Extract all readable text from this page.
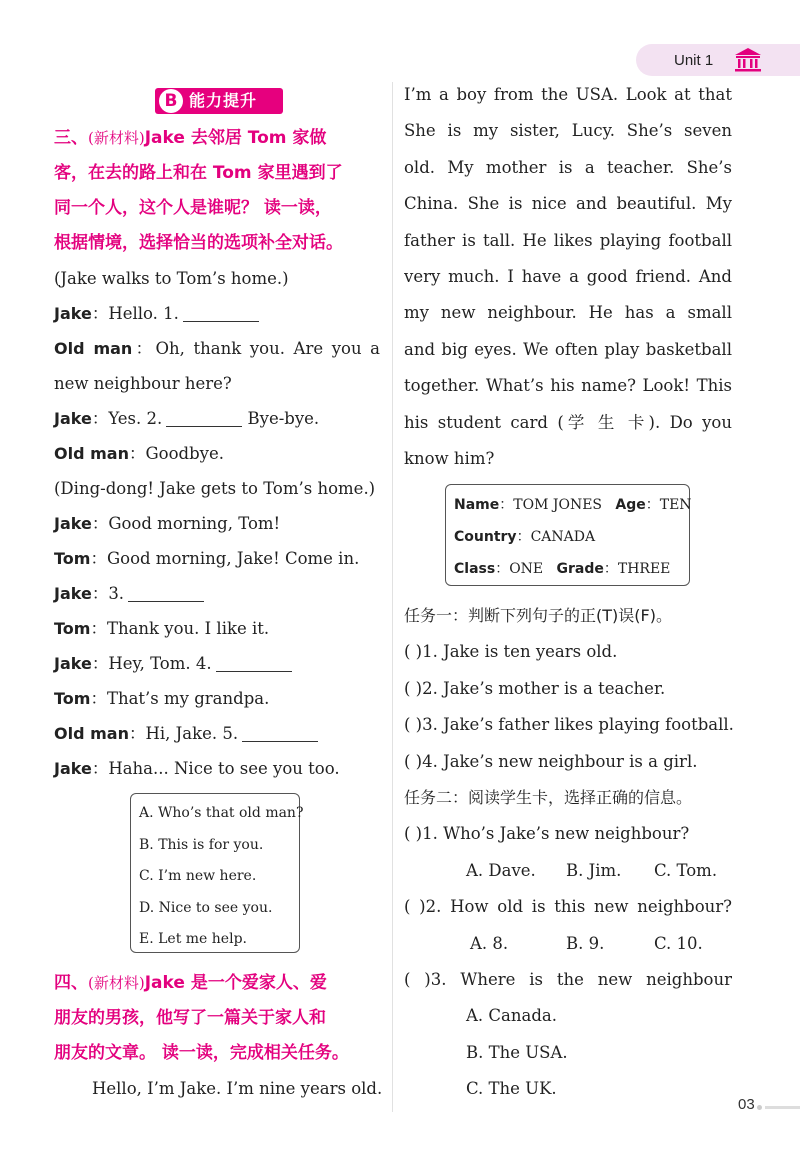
Unit 1
B 能力提升
三、(新材料)Jake 去邻居 Tom 家做
客，在去的路上和在 Tom 家里遇到了
同一个人，这个人是谁呢？ 读一读，
根据情境，选择恰当的选项补全对话。
(Jake walks to Tom’s home.)
Jake：Hello. 1.
Old man：Oh, thank you. Are you a
new neighbour here?
Jake：Yes. 2.	Bye-bye.
Old man：Goodbye.
(Ding-dong! Jake gets to Tom’s home.)
Jake：Good morning, Tom!
Tom：Good morning, Jake! Come in.
Jake：3.
Tom：Thank you. I like it.
Jake：Hey, Tom. 4.
Tom：That’s my grandpa.
Old man：Hi, Jake. 5.
Jake：Haha... Nice to see you too.
A. Who’s that old man?
B. This is for you.
C. I’m new here.
D. Nice to see you.
E. Let me help.
四、(新材料)Jake 是一个爱家人、爱
朋友的男孩，他写了一篇关于家人和
朋友的文章。 读一读，完成相关任务。
Hello, I’m Jake. I’m nine years old.
I’m a boy from the USA. Look at that
She is my sister, Lucy. She’s seven
old. My mother is a teacher. She’s
China. She is nice and beautiful. My
father is tall. He likes playing football
very much. I have a good friend. And
my new neighbour. He has a small
and big eyes. We often play basketball
together. What’s his name? Look! This
his student card (学 生 卡). Do you
know him?
Name：TOM JONES Age：TEN
Country：CANADA
Class：ONE Grade：THREE
任务一：判断下列句子的正(T)误(F)。
( )1. Jake is ten years old.
( )2. Jake’s mother is a teacher.
( )3. Jake’s father likes playing football.
( )4. Jake’s new neighbour is a girl.
任务二：阅读学生卡，选择正确的信息。
( )1. Who’s Jake’s new neighbour?
A. Dave. B. Jim. C. Tom.
( )2. How old is this new neighbour?
A. 8.	B. 9.	C. 10.
( )3. Where is the new neighbour
A. Canada.
B. The USA.
C. The UK.
03
